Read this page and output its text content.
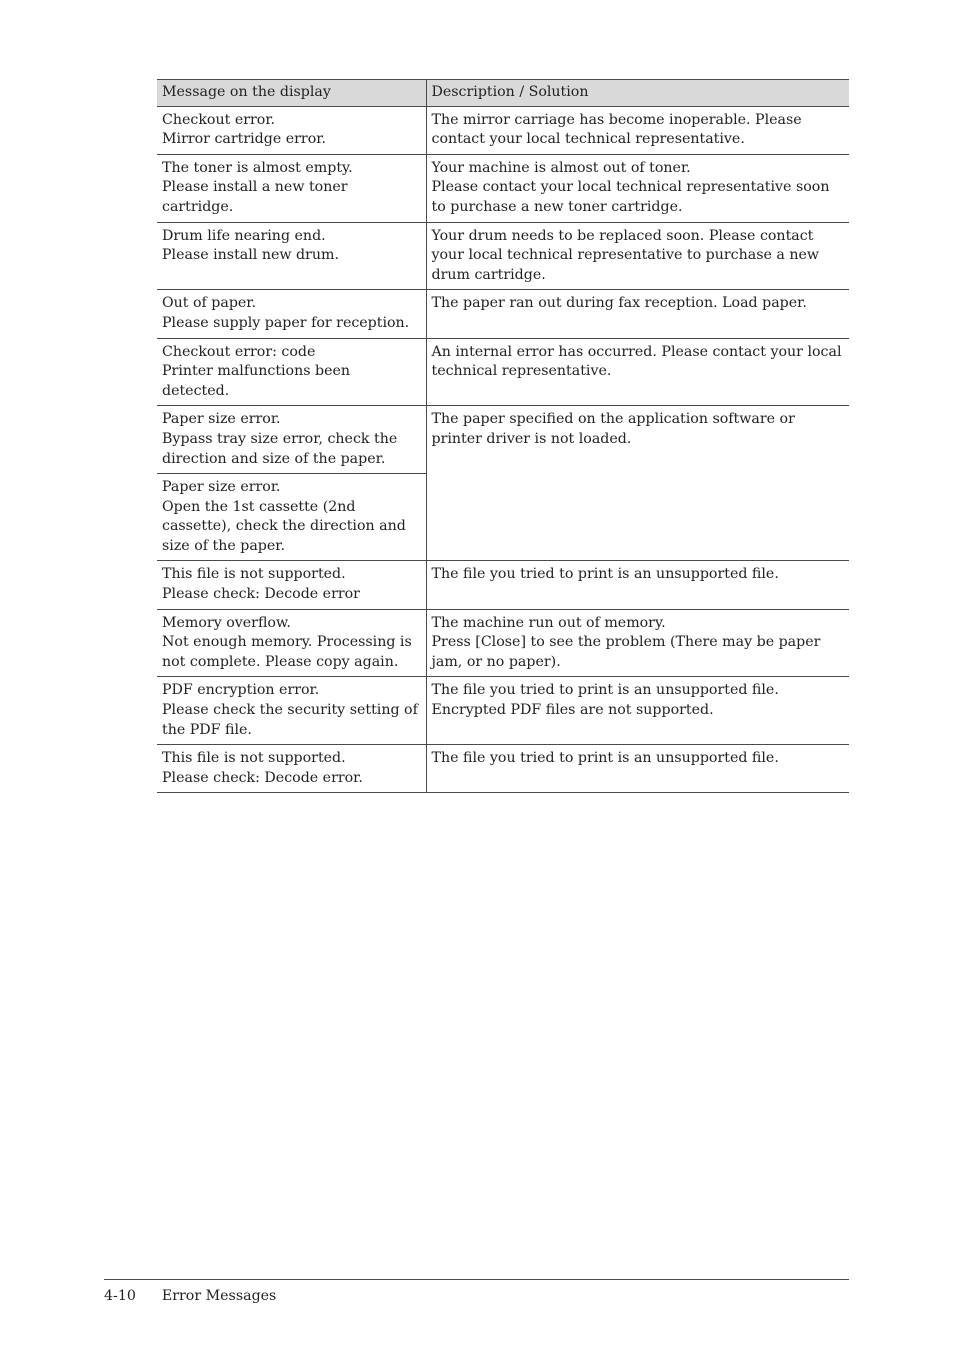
Message on the display	Description / Solution

Checkout error.
Mirror cartridge error.	The mirror carriage has become inoperable. Please contact your local technical representative.

The toner is almost empty.
Please install a new toner cartridge.	Your machine is almost out of toner.
Please contact your local technical representative soon to purchase a new toner cartridge.

Drum life nearing end.
Please install new drum.	Your drum needs to be replaced soon. Please contact your local technical representative to purchase a new drum cartridge.

Out of paper.
Please supply paper for reception.	The paper ran out during fax reception. Load paper.

Checkout error: code
Printer malfunctions been detected.	An internal error has occurred. Please contact your local technical representative.

Paper size error.
Bypass tray size error, check the direction and size of the paper.	The paper specified on the application software or printer driver is not loaded.

Paper size error.
Open the 1st cassette (2nd cassette), check the direction and size of the paper.	

This file is not supported.
Please check: Decode error	The file you tried to print is an unsupported file.

Memory overflow.
Not enough memory. Processing is not complete. Please copy again.	The machine run out of memory.
Press [Close] to see the problem (There may be paper jam, or no paper).

PDF encryption error.
Please check the security setting of the PDF file.	The file you tried to print is an unsupported file.
Encrypted PDF files are not supported.

This file is not supported.
Please check: Decode error.	The file you tried to print is an unsupported file.
4-10 Error Messages
